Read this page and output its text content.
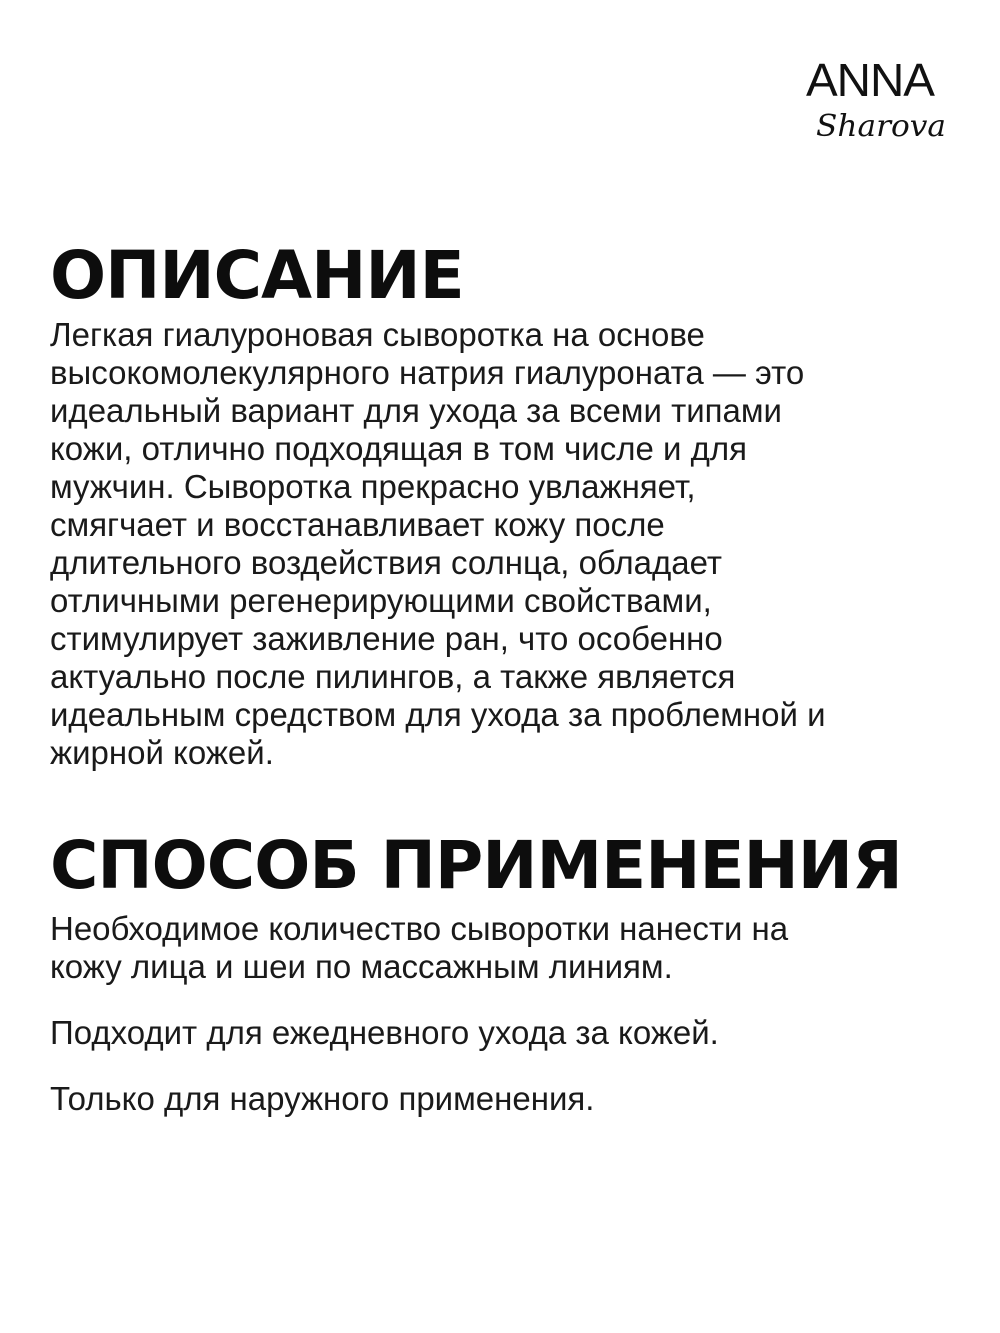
ANNA
Sharova
ОПИСАНИЕ

Легкая гиалуроновая сыворотка на основе
высокомолекулярного натрия гиалуроната — это
идеальный вариант для ухода за всеми типами
кожи, отлично подходящая в том числе и для
мужчин. Сыворотка прекрасно увлажняет,
смягчает и восстанавливает кожу после
длительного воздействия солнца, обладает
отличными регенерирующими свойствами,
стимулирует заживление ран, что особенно
актуально после пилингов, а также является
идеальным средством для ухода за проблемной и
жирной кожей.

СПОСОБ ПРИМЕНЕНИЯ

Необходимое количество сыворотки нанести на
кожу лица и шеи по массажным линиям.

Подходит для ежедневного ухода за кожей.

Только для наружного применения.
